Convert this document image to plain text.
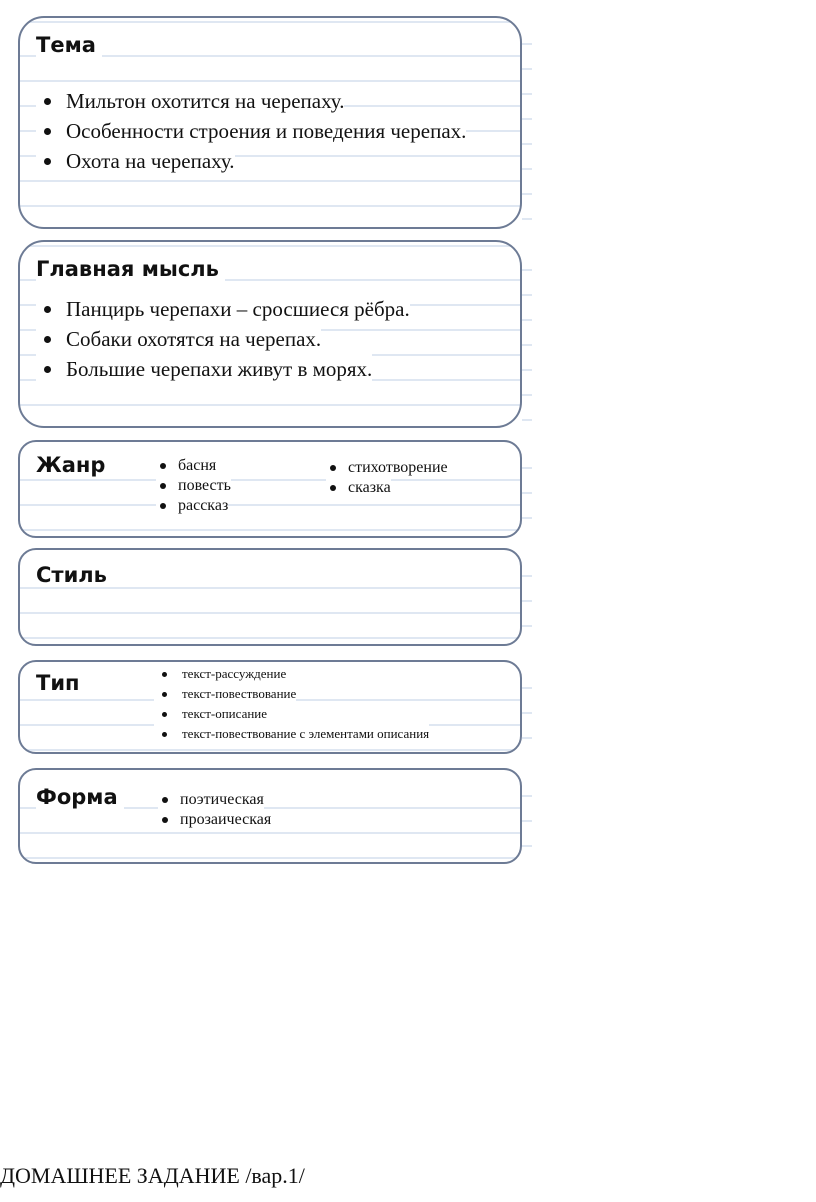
Тема
Мильтон охотится на черепаху.
Особенности строения и поведения черепах.
Охота на черепаху.
Главная мысль
Панцирь черепахи – сросшиеся рёбра.
Собаки охотятся на черепах.
Большие черепахи живут в морях.
Жанр	басня
повесть
рассказ
стихотворение
сказка
Стиль
Тип	текст-рассуждение
текст-повествование
текст-описание
текст-повествование с элементами описания
Форма	поэтическая
прозаическая
ДОМАШНЕЕ ЗАДАНИЕ /вар.1/
